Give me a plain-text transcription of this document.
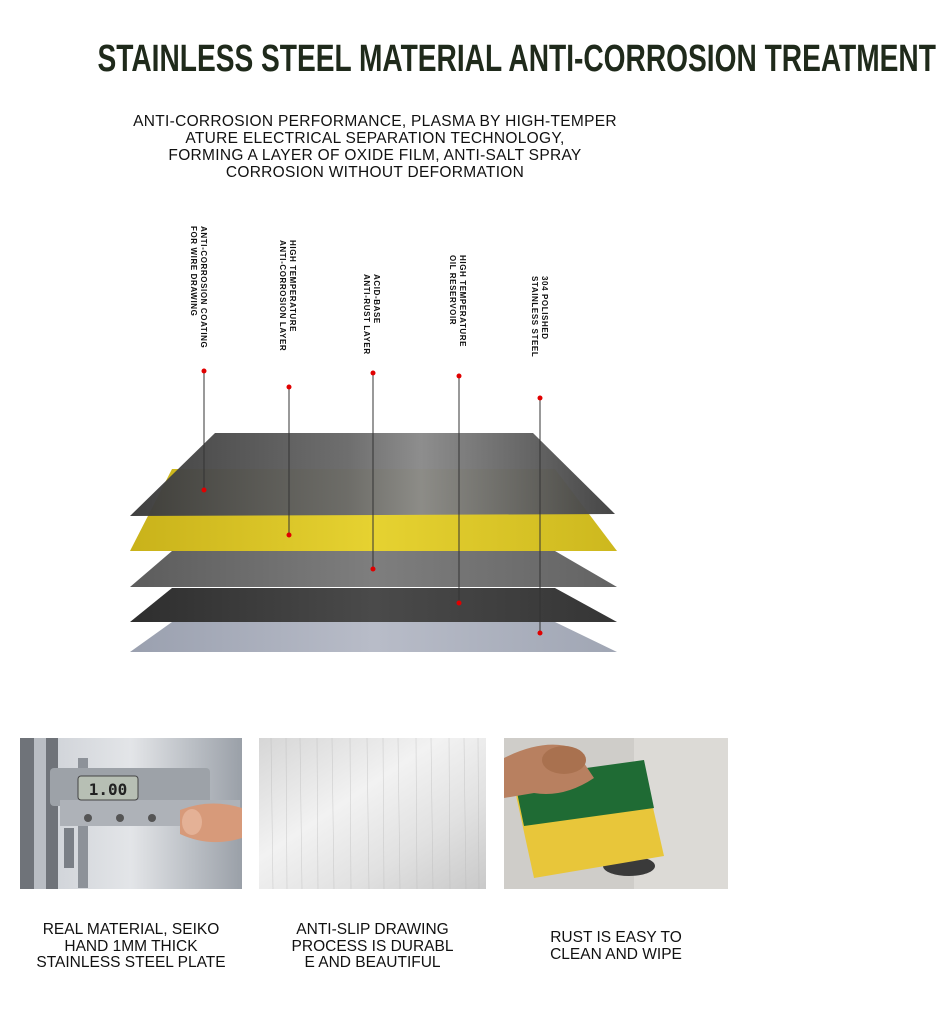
STAINLESS STEEL MATERIAL ANTI-CORROSION TREATMENT
ANTI-CORROSION PERFORMANCE, PLASMA BY HIGH-TEMPER
ATURE ELECTRICAL SEPARATION TECHNOLOGY,
FORMING A LAYER OF OXIDE FILM, ANTI-SALT SPRAY
CORROSION WITHOUT DEFORMATION
ANTI-CORROSION COATING
FOR WIRE DRAWING	HIGH TEMPERATURE
ANTI-CORROSION LAYER	ACID-BASE
ANTI-RUST LAYER	HIGH TEMPERATURE
OIL RESERVOIR	304 POLISHED
STAINLESS STEEL
1.00
REAL MATERIAL, SEIKO
HAND 1MM THICK
STAINLESS STEEL PLATE
ANTI-SLIP DRAWING
PROCESS IS DURABL
E AND BEAUTIFUL
RUST IS EASY TO
CLEAN AND WIPE
